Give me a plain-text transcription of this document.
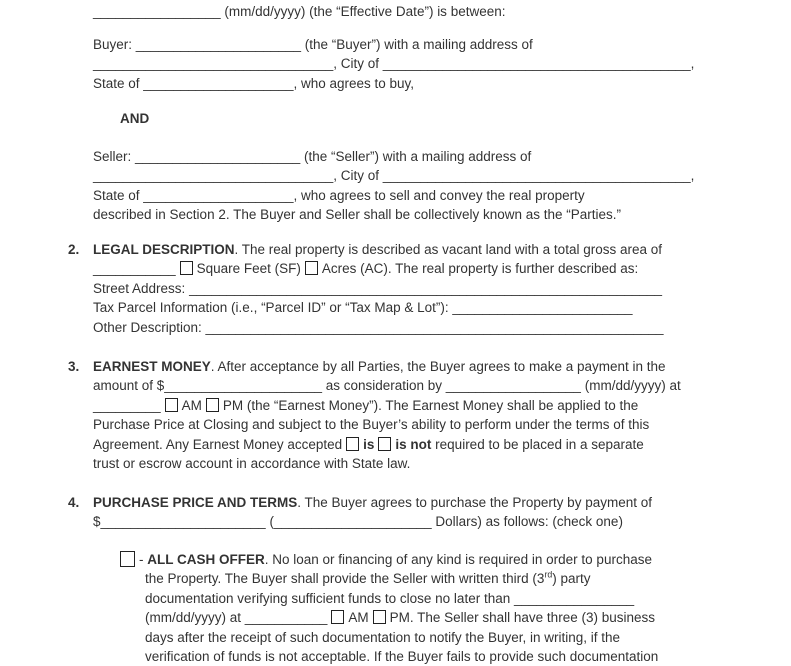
_________________ (mm/dd/yyyy) (the “Effective Date”) is between:
Buyer: ______________________ (the “Buyer”) with a mailing address of
________________________________, City of _________________________________________,
State of ____________________, who agrees to buy,
AND
Seller: ______________________ (the “Seller”) with a mailing address of
________________________________, City of _________________________________________,
State of ____________________, who agrees to sell and convey the real property
described in Section 2. The Buyer and Seller shall be collectively known as the “Parties.”
2. LEGAL DESCRIPTION. The real property is described as vacant land with a total gross area of
___________ Square Feet (SF) Acres (AC). The real property is further described as:
Street Address: _______________________________________________________________
Tax Parcel Information (i.e., “Parcel ID” or “Tax Map & Lot”): ________________________
Other Description: _____________________________________________________________
3. EARNEST MONEY. After acceptance by all Parties, the Buyer agrees to make a payment in the
amount of $_____________________ as consideration by __________________ (mm/dd/yyyy) at
_________ AM PM (the “Earnest Money”). The Earnest Money shall be applied to the
Purchase Price at Closing and subject to the Buyer’s ability to perform under the terms of this
Agreement. Any Earnest Money accepted is is not required to be placed in a separate
trust or escrow account in accordance with State law.
4. PURCHASE PRICE AND TERMS. The Buyer agrees to purchase the Property by payment of
$______________________ (_____________________ Dollars) as follows: (check one)
- ALL CASH OFFER. No loan or financing of any kind is required in order to purchase
the Property. The Buyer shall provide the Seller with written third (3rd) party
documentation verifying sufficient funds to close no later than ________________
(mm/dd/yyyy) at ___________ AM PM. The Seller shall have three (3) business
days after the receipt of such documentation to notify the Buyer, in writing, if the
verification of funds is not acceptable. If the Buyer fails to provide such documentation
